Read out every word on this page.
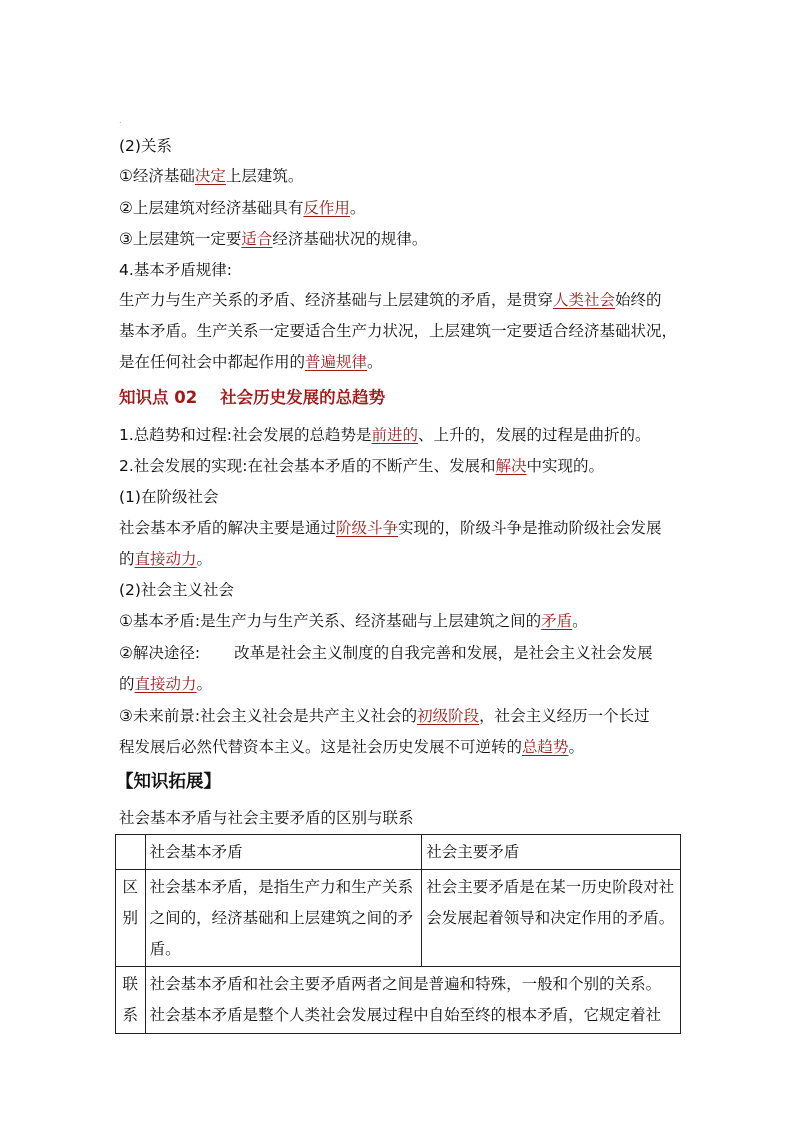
.
(2)关系
①经济基础决定上层建筑。
②上层建筑对经济基础具有反作用。
③上层建筑一定要适合经济基础状况的规律。
4.基本矛盾规律:
生产力与生产关系的矛盾、经济基础与上层建筑的矛盾，是贯穿人类社会始终的
基本矛盾。生产关系一定要适合生产力状况，上层建筑一定要适合经济基础状况，
是在任何社会中都起作用的普遍规律。
知识点 02    社会历史发展的总趋势
1.总趋势和过程:社会发展的总趋势是前进的、上升的，发展的过程是曲折的。
2.社会发展的实现:在社会基本矛盾的不断产生、发展和解决中实现的。
(1)在阶级社会
社会基本矛盾的解决主要是通过阶级斗争实现的，阶级斗争是推动阶级社会发展
的直接动力。
(2)社会主义社会
①基本矛盾:是生产力与生产关系、经济基础与上层建筑之间的矛盾。
②解决途径: 改革是社会主义制度的自我完善和发展，是社会主义社会发展
的直接动力。
③未来前景:社会主义社会是共产主义社会的初级阶段，社会主义经历一个长过
程发展后必然代替资本主义。这是社会历史发展不可逆转的总趋势。
【知识拓展】
社会基本矛盾与社会主要矛盾的区别与联系
	社会基本矛盾	社会主要矛盾
区别	社会基本矛盾，是指生产力和生产关系之间的，经济基础和上层建筑之间的矛盾。	社会主要矛盾是在某一历史阶段对社会发展起着领导和决定作用的矛盾。
联系	社会基本矛盾和社会主要矛盾两者之间是普遍和特殊，一般和个别的关系。
社会基本矛盾是整个人类社会发展过程中自始至终的根本矛盾，它规定着社	
